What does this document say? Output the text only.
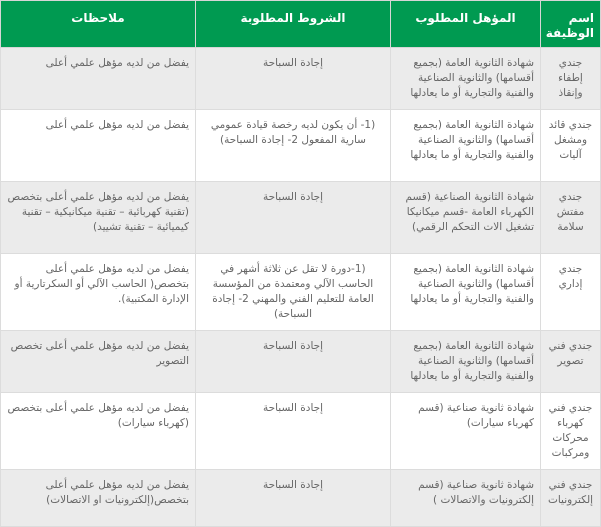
اسم الوظيفة	المؤهل المطلوب	الشروط المطلوبة	ملاحظات

جندي إطفاء وإنقاذ	شهادة الثانوية العامة (بجميع أقسامها) والثانوية الصناعية والفنية والتجارية أو ما يعادلها	إجادة السباحة	يفضل من لديه مؤهل علمي أعلى
جندي قائد ومشغل آليات	شهادة الثانوية العامة (بجميع أقسامها) والثانوية الصناعية والفنية والتجارية أو ما يعادلها	(1- أن يكون لديه رخصة قيادة عمومي سارية المفعول 2- إجادة السباحة)	يفضل من لديه مؤهل علمي أعلى
جندي مفتش سلامة	شهادة الثانوية الصناعية (قسم الكهرباء العامة -قسم ميكانيكا تشغيل الات التحكم الرقمي)	إجادة السباحة	يفضل من لديه مؤهل علمي أعلى بتخصص (تقنية كهربائية – تقنية ميكانيكية – تقنية كيميائية – تقنية تشييد)
جندي إداري	شهادة الثانوية العامة (بجميع أقسامها) والثانوية الصناعية والفنية والتجارية أو ما يعادلها	(1-دورة لا تقل عن ثلاثة أشهر في الحاسب الآلي ومعتمدة من المؤسسة العامة للتعليم الفني والمهني 2- إجادة السباحة)	يفضل من لديه مؤهل علمي أعلى بتخصص( الحاسب الآلي أو السكرتارية أو الإدارة المكتبية).
جندي فني تصوير	شهادة الثانوية العامة (بجميع أقسامها) والثانوية الصناعية والفنية والتجارية أو ما يعادلها	إجادة السباحة	يفضل من لديه مؤهل علمي أعلى تخصص التصوير
جندي فني كهرباء محركات ومركبات	شهادة ثانوية صناعية (قسم كهرباء سيارات)	إجادة السباحة	يفضل من لديه مؤهل علمي أعلى بتخصص (كهرباء سيارات)
جندي فني إلكترونيات	شهادة ثانوية صناعية (قسم إلكترونيات والاتصالات )	إجادة السباحة	يفضل من لديه مؤهل علمي أعلى بتخصص(إلكترونيات او الاتصالات)
